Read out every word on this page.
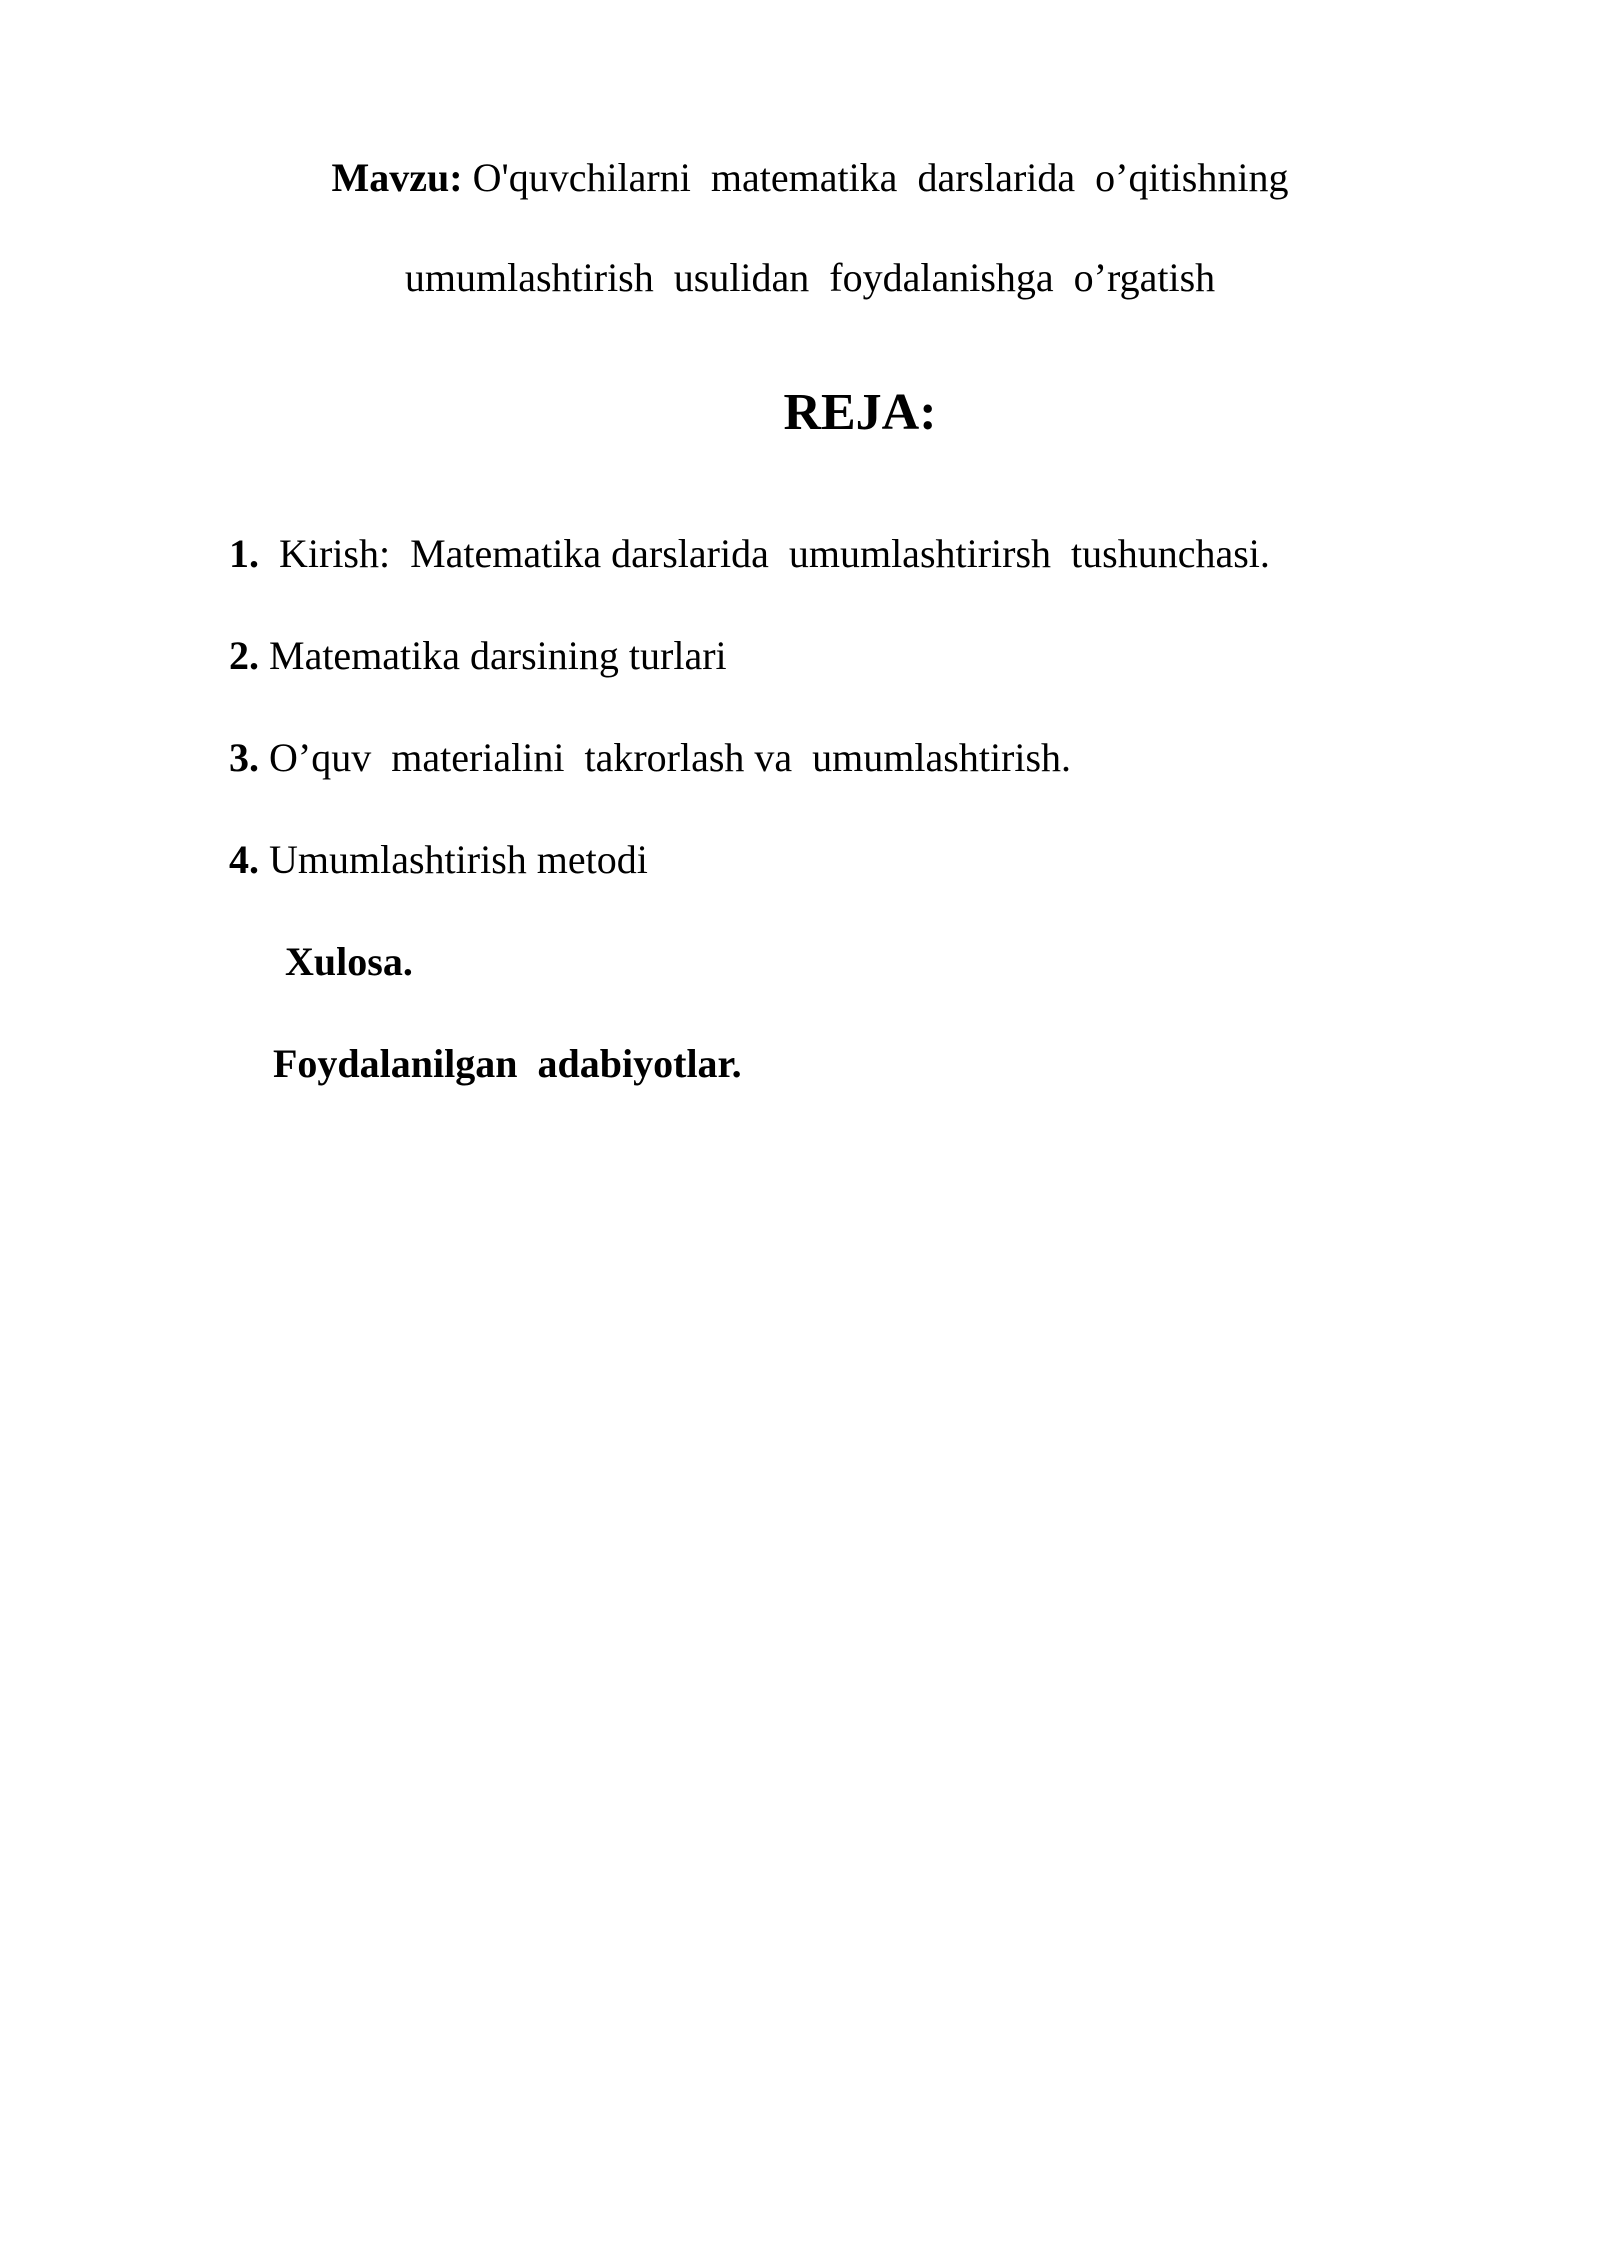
Mavzu: O'quvchilarni  matematika  darslarida  o’qitishning
umumlashtirish  usulidan  foydalanishga  o’rgatish
REJA:
1.  Kirish:  Matematika darslarida  umumlashtirirsh  tushunchasi.
2. Matematika darsining turlari
3. O’quv  materialini  takrorlash va  umumlashtirish.
4. Umumlashtirish metodi
Xulosa.
Foydalanilgan  adabiyotlar.
